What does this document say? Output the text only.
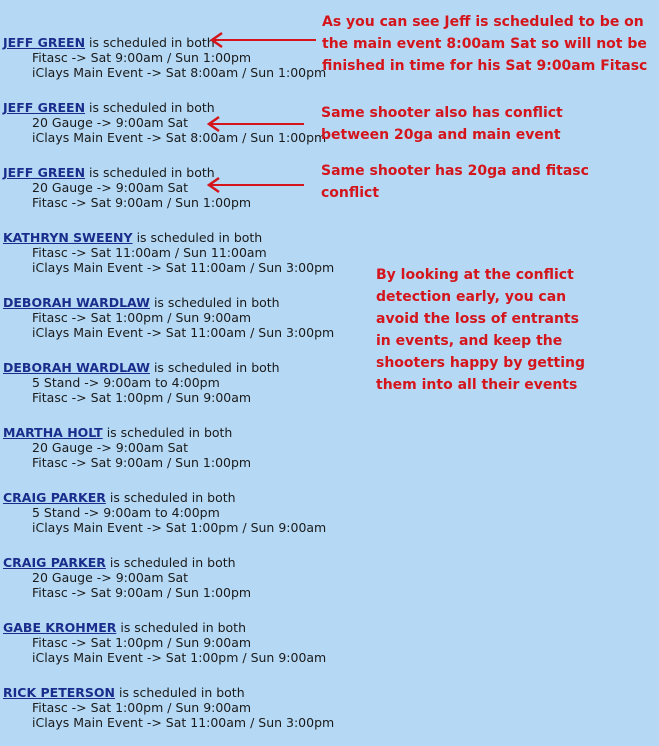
JEFF GREEN is scheduled in both
Fitasc -> Sat 9:00am / Sun 1:00pm
iClays Main Event -> Sat 8:00am / Sun 1:00pm
JEFF GREEN is scheduled in both
20 Gauge -> 9:00am Sat
iClays Main Event -> Sat 8:00am / Sun 1:00pm
JEFF GREEN is scheduled in both
20 Gauge -> 9:00am Sat
Fitasc -> Sat 9:00am / Sun 1:00pm
KATHRYN SWEENY is scheduled in both
Fitasc -> Sat 11:00am / Sun 11:00am
iClays Main Event -> Sat 11:00am / Sun 3:00pm
DEBORAH WARDLAW is scheduled in both
Fitasc -> Sat 1:00pm / Sun 9:00am
iClays Main Event -> Sat 11:00am / Sun 3:00pm
DEBORAH WARDLAW is scheduled in both
5 Stand -> 9:00am to 4:00pm
Fitasc -> Sat 1:00pm / Sun 9:00am
MARTHA HOLT is scheduled in both
20 Gauge -> 9:00am Sat
Fitasc -> Sat 9:00am / Sun 1:00pm
CRAIG PARKER is scheduled in both
5 Stand -> 9:00am to 4:00pm
iClays Main Event -> Sat 1:00pm / Sun 9:00am
CRAIG PARKER is scheduled in both
20 Gauge -> 9:00am Sat
Fitasc -> Sat 9:00am / Sun 1:00pm
GABE KROHMER is scheduled in both
Fitasc -> Sat 1:00pm / Sun 9:00am
iClays Main Event -> Sat 1:00pm / Sun 9:00am
RICK PETERSON is scheduled in both
Fitasc -> Sat 1:00pm / Sun 9:00am
iClays Main Event -> Sat 11:00am / Sun 3:00pm
As you can see Jeff is scheduled to be on
the main event 8:00am Sat so will not be
finished in time for his Sat 9:00am Fitasc
Same shooter also has conflict
between 20ga and main event
Same shooter has 20ga and fitasc
conflict
By looking at the conflict
detection early, you can
avoid the loss of entrants
in events, and keep the
shooters happy by getting
them into all their events
